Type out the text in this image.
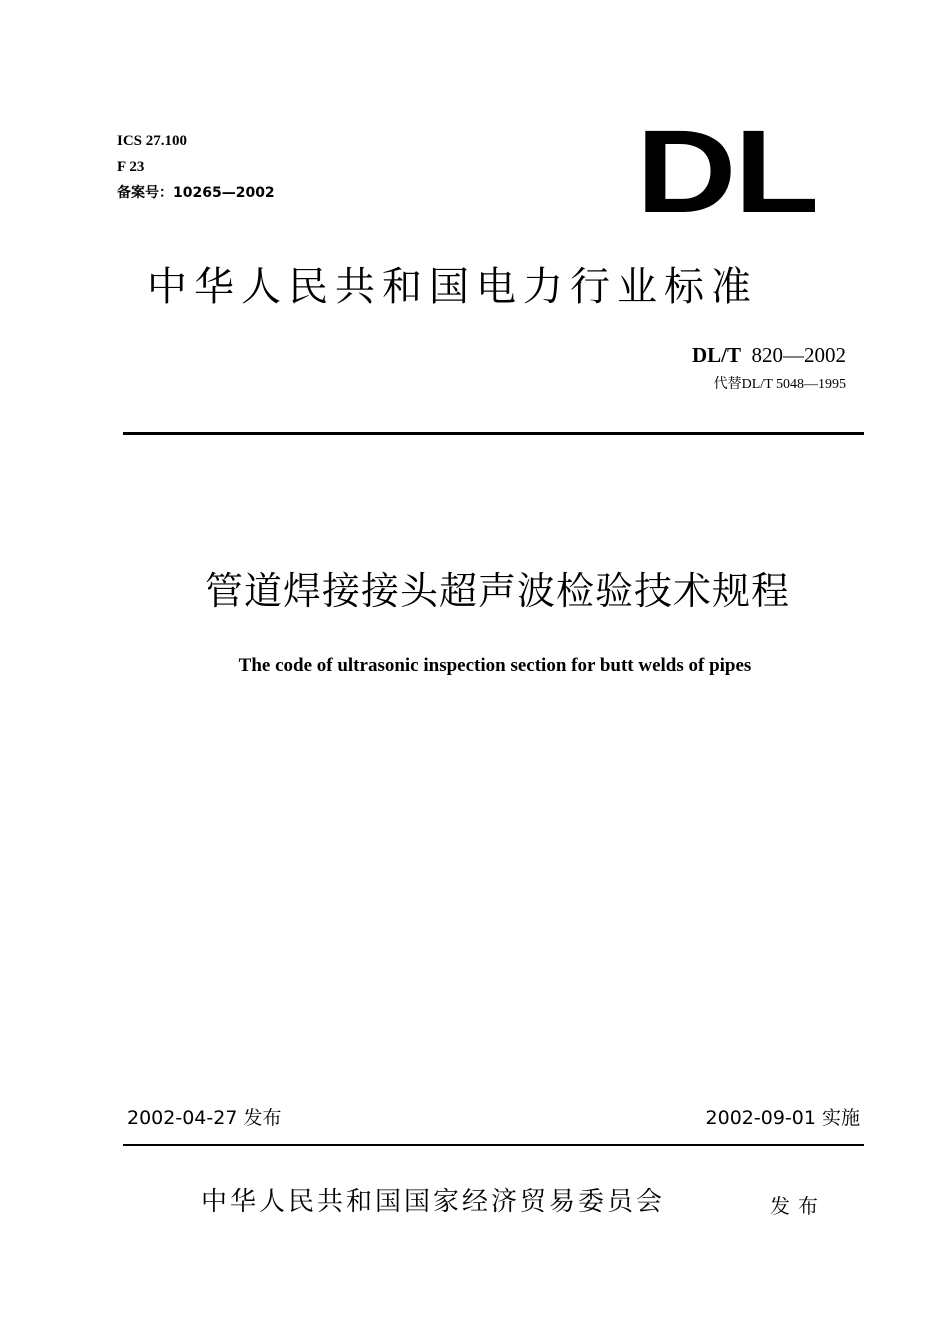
ICS 27.100
F 23
备案号：10265—2002	DL
中华人民共和国电力行业标准
DL/T 820—2002
代替DL/T 5048—1995
管道焊接接头超声波检验技术规程
The code of ultrasonic inspection section for butt welds of pipes
2002-04-27 发布	2002-09-01 实施
中华人民共和国国家经济贸易委员会	发布
